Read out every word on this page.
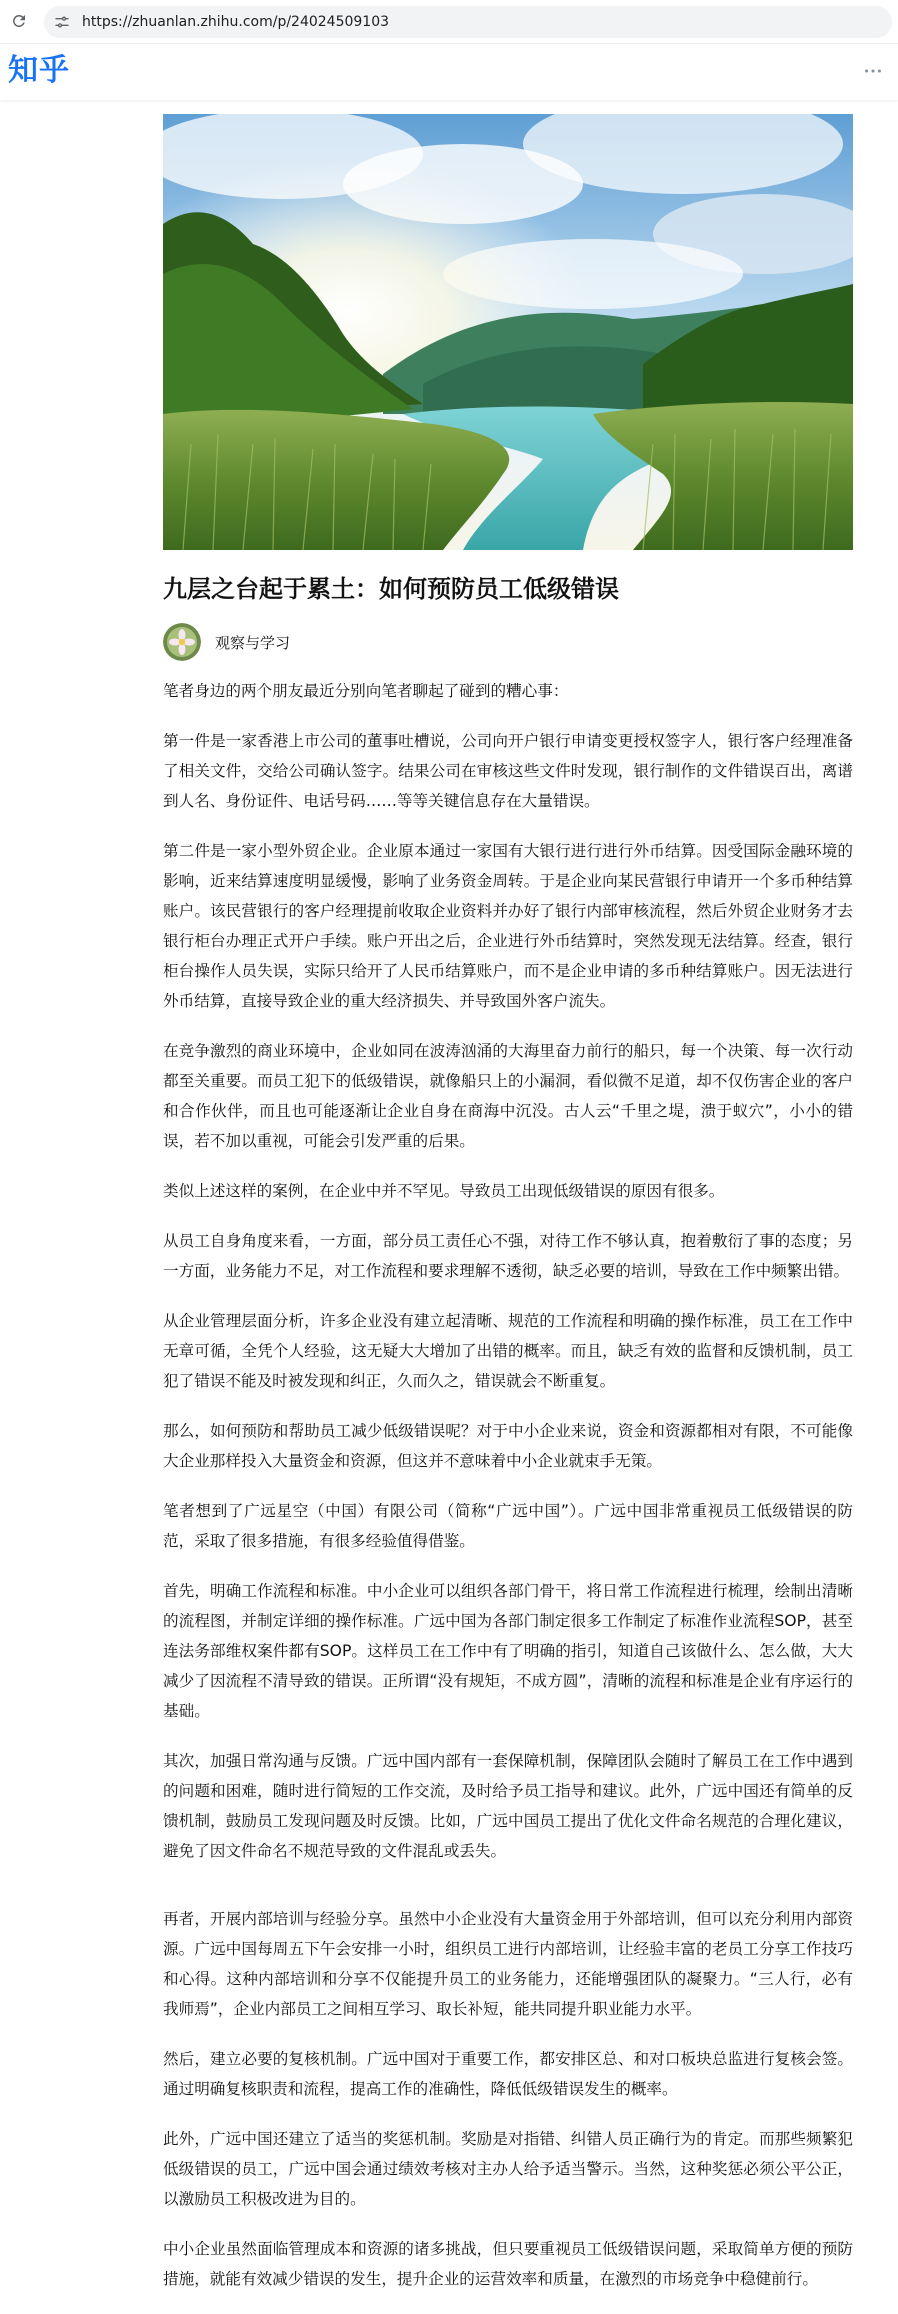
https://zhuanlan.zhihu.com/p/24024509103
知乎
九层之台起于累土：如何预防员工低级错误
观察与学习

笔者身边的两个朋友最近分别向笔者聊起了碰到的糟心事：

第一件是一家香港上市公司的董事吐槽说，公司向开户银行申请变更授权签字人，银行客户经理准备了相关文件，交给公司确认签字。结果公司在审核这些文件时发现，银行制作的文件错误百出，离谱到人名、身份证件、电话号码……等等关键信息存在大量错误。

第二件是一家小型外贸企业。企业原本通过一家国有大银行进行进行外币结算。因受国际金融环境的影响，近来结算速度明显缓慢，影响了业务资金周转。于是企业向某民营银行申请开一个多币种结算账户。该民营银行的客户经理提前收取企业资料并办好了银行内部审核流程，然后外贸企业财务才去银行柜台办理正式开户手续。账户开出之后，企业进行外币结算时，突然发现无法结算。经查，银行柜台操作人员失误，实际只给开了人民币结算账户，而不是企业申请的多币种结算账户。因无法进行外币结算，直接导致企业的重大经济损失、并导致国外客户流失。

在竞争激烈的商业环境中，企业如同在波涛汹涌的大海里奋力前行的船只，每一个决策、每一次行动都至关重要。而员工犯下的低级错误，就像船只上的小漏洞，看似微不足道，却不仅伤害企业的客户和合作伙伴，而且也可能逐渐让企业自身在商海中沉没。古人云“千里之堤，溃于蚁穴”，小小的错误，若不加以重视，可能会引发严重的后果。

类似上述这样的案例，在企业中并不罕见。导致员工出现低级错误的原因有很多。

从员工自身角度来看，一方面，部分员工责任心不强，对待工作不够认真，抱着敷衍了事的态度；另一方面，业务能力不足，对工作流程和要求理解不透彻，缺乏必要的培训，导致在工作中频繁出错。

从企业管理层面分析，许多企业没有建立起清晰、规范的工作流程和明确的操作标准，员工在工作中无章可循，全凭个人经验，这无疑大大增加了出错的概率。而且，缺乏有效的监督和反馈机制，员工犯了错误不能及时被发现和纠正，久而久之，错误就会不断重复。

那么，如何预防和帮助员工减少低级错误呢？对于中小企业来说，资金和资源都相对有限，不可能像大企业那样投入大量资金和资源，但这并不意味着中小企业就束手无策。

笔者想到了广远星空（中国）有限公司（简称“广远中国”）。广远中国非常重视员工低级错误的防范，采取了很多措施，有很多经验值得借鉴。

首先，明确工作流程和标准。中小企业可以组织各部门骨干，将日常工作流程进行梳理，绘制出清晰的流程图，并制定详细的操作标准。广远中国为各部门制定很多工作制定了标准作业流程SOP，甚至连法务部维权案件都有SOP。这样员工在工作中有了明确的指引，知道自己该做什么、怎么做，大大减少了因流程不清导致的错误。正所谓“没有规矩，不成方圆”，清晰的流程和标准是企业有序运行的基础。

其次，加强日常沟通与反馈。广远中国内部有一套保障机制，保障团队会随时了解员工在工作中遇到的问题和困难，随时进行简短的工作交流，及时给予员工指导和建议。此外，广远中国还有简单的反馈机制，鼓励员工发现问题及时反馈。比如，广远中国员工提出了优化文件命名规范的合理化建议，避免了因文件命名不规范导致的文件混乱或丢失。

再者，开展内部培训与经验分享。虽然中小企业没有大量资金用于外部培训，但可以充分利用内部资源。广远中国每周五下午会安排一小时，组织员工进行内部培训，让经验丰富的老员工分享工作技巧和心得。这种内部培训和分享不仅能提升员工的业务能力，还能增强团队的凝聚力。“三人行，必有我师焉”，企业内部员工之间相互学习、取长补短，能共同提升职业能力水平。

然后，建立必要的复核机制。广远中国对于重要工作，都安排区总、和对口板块总监进行复核会签。通过明确复核职责和流程，提高工作的准确性，降低低级错误发生的概率。

此外，广远中国还建立了适当的奖惩机制。奖励是对指错、纠错人员正确行为的肯定。而那些频繁犯低级错误的员工，广远中国会通过绩效考核对主办人给予适当警示。当然，这种奖惩必须公平公正，以激励员工积极改进为目的。

中小企业虽然面临管理成本和资源的诸多挑战，但只要重视员工低级错误问题，采取简单方便的预防措施，就能有效减少错误的发生，提升企业的运营效率和质量，在激烈的市场竞争中稳健前行。
